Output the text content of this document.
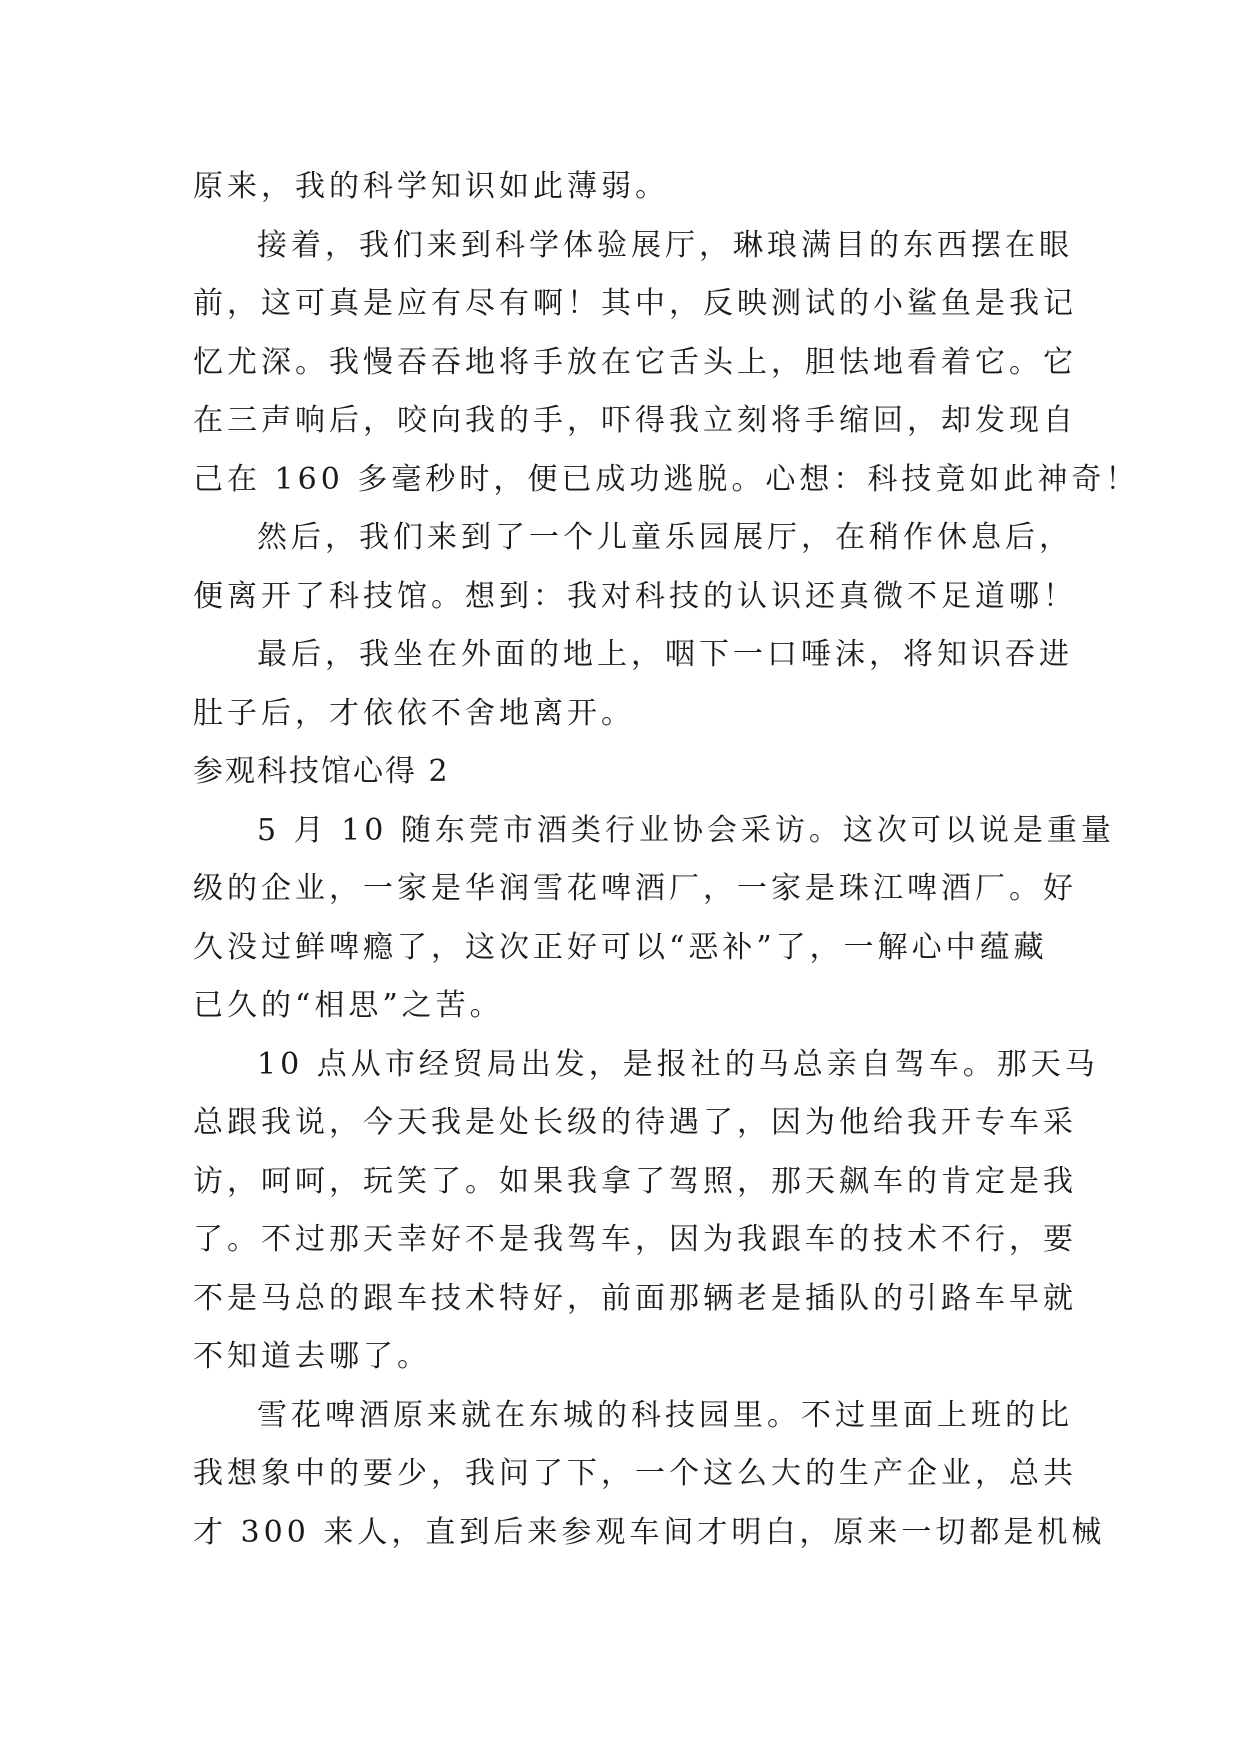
原来，我的科学知识如此薄弱。
接着，我们来到科学体验展厅，琳琅满目的东西摆在眼
前，这可真是应有尽有啊！其中，反映测试的小鲨鱼是我记
忆尤深。我慢吞吞地将手放在它舌头上，胆怯地看着它。它
在三声响后，咬向我的手，吓得我立刻将手缩回，却发现自
己在 160 多毫秒时，便已成功逃脱。心想：科技竟如此神奇！
然后，我们来到了一个儿童乐园展厅，在稍作休息后，
便离开了科技馆。想到：我对科技的认识还真微不足道哪！
最后，我坐在外面的地上，咽下一口唾沫，将知识吞进
肚子后，才依依不舍地离开。
参观科技馆心得 2
5 月 10 随东莞市酒类行业协会采访。这次可以说是重量
级的企业，一家是华润雪花啤酒厂，一家是珠江啤酒厂。好
久没过鲜啤瘾了，这次正好可以“恶补”了，一解心中蕴藏
已久的“相思”之苦。
10 点从市经贸局出发，是报社的马总亲自驾车。那天马
总跟我说，今天我是处长级的待遇了，因为他给我开专车采
访，呵呵，玩笑了。如果我拿了驾照，那天飙车的肯定是我
了。不过那天幸好不是我驾车，因为我跟车的技术不行，要
不是马总的跟车技术特好，前面那辆老是插队的引路车早就
不知道去哪了。
雪花啤酒原来就在东城的科技园里。不过里面上班的比
我想象中的要少，我问了下，一个这么大的生产企业，总共
才 300 来人，直到后来参观车间才明白，原来一切都是机械
